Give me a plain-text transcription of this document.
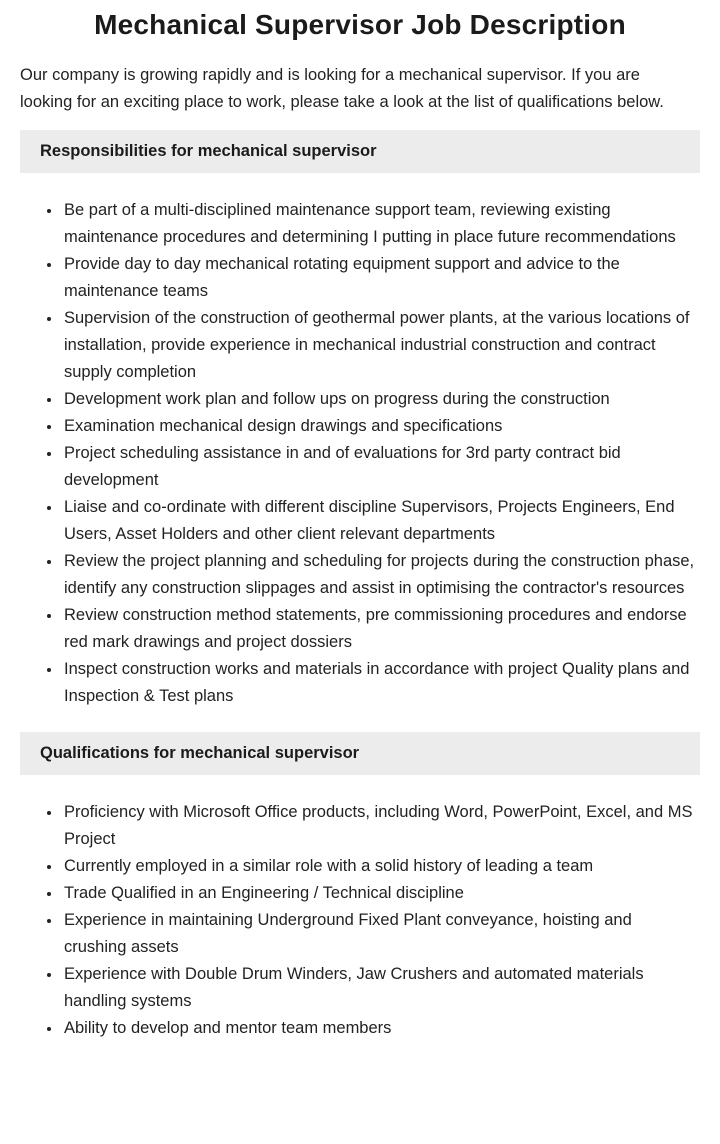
Mechanical Supervisor Job Description

Our company is growing rapidly and is looking for a mechanical supervisor. If you are looking for an exciting place to work, please take a look at the list of qualifications below.

Responsibilities for mechanical supervisor
• Be part of a multi-disciplined maintenance support team, reviewing existing maintenance procedures and determining I putting in place future recommendations
• Provide day to day mechanical rotating equipment support and advice to the maintenance teams
• Supervision of the construction of geothermal power plants, at the various locations of installation, provide experience in mechanical industrial construction and contract supply completion
• Development work plan and follow ups on progress during the construction
• Examination mechanical design drawings and specifications
• Project scheduling assistance in and of evaluations for 3rd party contract bid development
• Liaise and co-ordinate with different discipline Supervisors, Projects Engineers, End Users, Asset Holders and other client relevant departments
• Review the project planning and scheduling for projects during the construction phase, identify any construction slippages and assist in optimising the contractor's resources
• Review construction method statements, pre commissioning procedures and endorse red mark drawings and project dossiers
• Inspect construction works and materials in accordance with project Quality plans and Inspection & Test plans
Qualifications for mechanical supervisor
• Proficiency with Microsoft Office products, including Word, PowerPoint, Excel, and MS Project
• Currently employed in a similar role with a solid history of leading a team
• Trade Qualified in an Engineering / Technical discipline
• Experience in maintaining Underground Fixed Plant conveyance, hoisting and crushing assets
• Experience with Double Drum Winders, Jaw Crushers and automated materials handling systems
• Ability to develop and mentor team members
